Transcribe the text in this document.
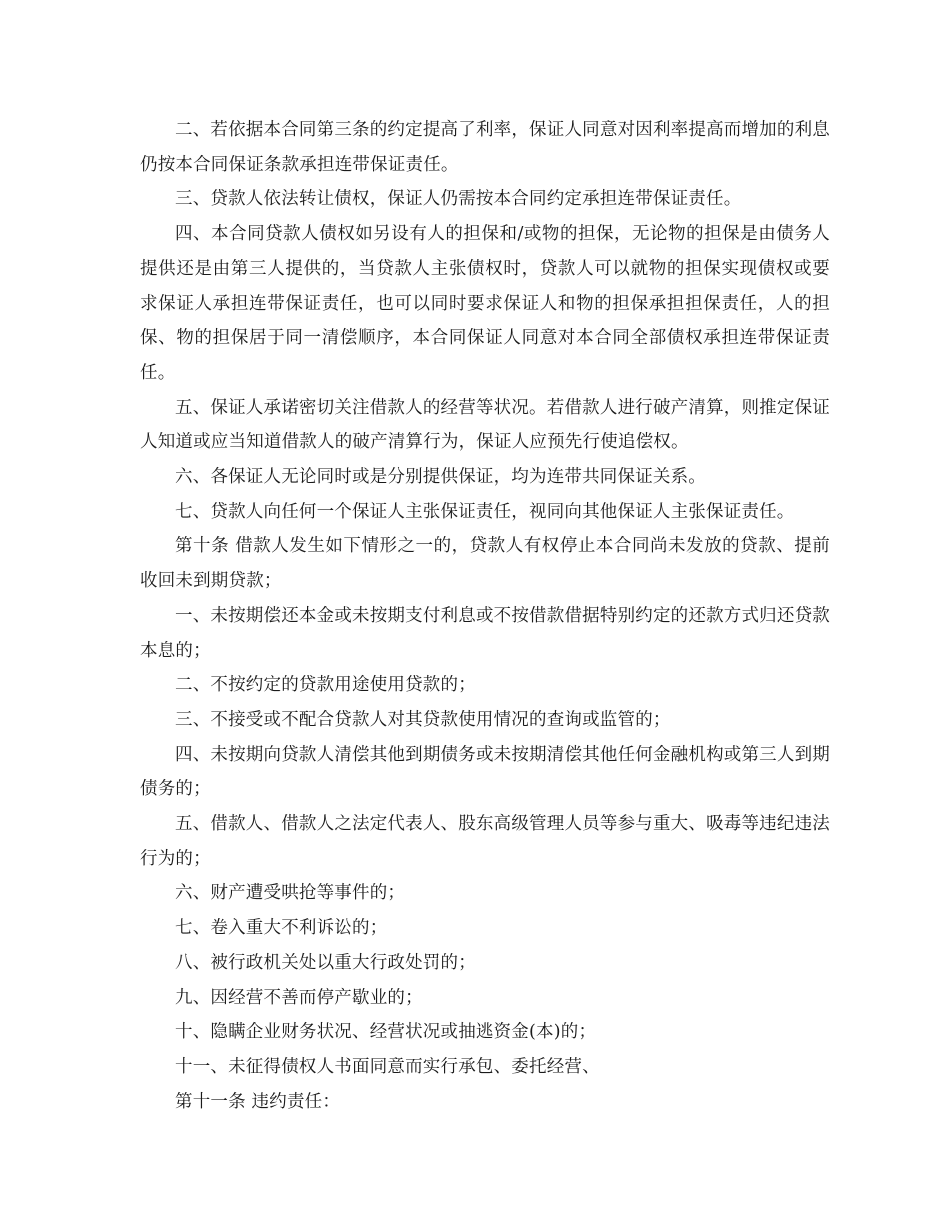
二、若依据本合同第三条的约定提高了利率，保证人同意对因利率提高而增加的利息仍按本合同保证条款承担连带保证责任。

三、贷款人依法转让债权，保证人仍需按本合同约定承担连带保证责任。

四、本合同贷款人债权如另设有人的担保和/或物的担保，无论物的担保是由债务人提供还是由第三人提供的，当贷款人主张债权时，贷款人可以就物的担保实现债权或要求保证人承担连带保证责任，也可以同时要求保证人和物的担保承担担保责任，人的担保、物的担保居于同一清偿顺序，本合同保证人同意对本合同全部债权承担连带保证责任。

五、保证人承诺密切关注借款人的经营等状况。若借款人进行破产清算，则推定保证人知道或应当知道借款人的破产清算行为，保证人应预先行使追偿权。

六、各保证人无论同时或是分别提供保证，均为连带共同保证关系。

七、贷款人向任何一个保证人主张保证责任，视同向其他保证人主张保证责任。

第十条 借款人发生如下情形之一的，贷款人有权停止本合同尚未发放的贷款、提前收回未到期贷款；

一、未按期偿还本金或未按期支付利息或不按借款借据特别约定的还款方式归还贷款本息的；

二、不按约定的贷款用途使用贷款的；

三、不接受或不配合贷款人对其贷款使用情况的查询或监管的；

四、未按期向贷款人清偿其他到期债务或未按期清偿其他任何金融机构或第三人到期债务的；

五、借款人、借款人之法定代表人、股东高级管理人员等参与重大、吸毒等违纪违法行为的；

六、财产遭受哄抢等事件的；

七、卷入重大不利诉讼的；

八、被行政机关处以重大行政处罚的；

九、因经营不善而停产歇业的；

十、隐瞒企业财务状况、经营状况或抽逃资金(本)的；

十一、未征得债权人书面同意而实行承包、委托经营、

第十一条 违约责任：
